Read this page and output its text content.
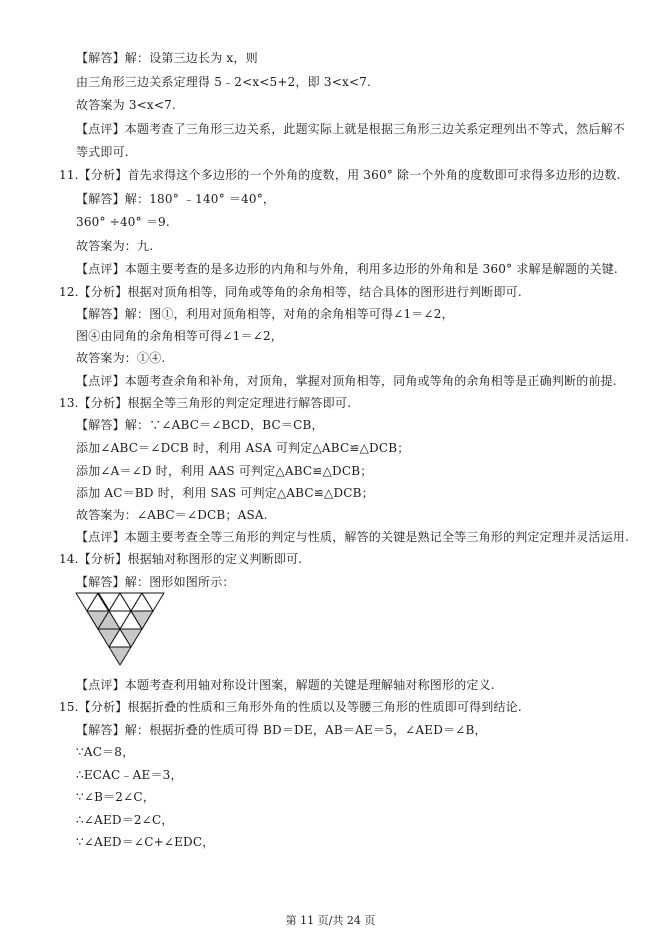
【解答】解：设第三边长为 x，则
由三角形三边关系定理得 5﹣2<x<5+2，即 3<x<7.
故答案为 3<x<7.
【点评】本题考查了三角形三边关系，此题实际上就是根据三角形三边关系定理列出不等式，然后解不
等式即可.
11.【分析】首先求得这个多边形的一个外角的度数，用 360° 除一个外角的度数即可求得多边形的边数.
【解答】解：180° ﹣140° ＝40°，
360° ÷40° ＝9.
故答案为：九.
【点评】本题主要考查的是多边形的内角和与外角，利用多边形的外角和是 360° 求解是解题的关键.
12.【分析】根据对顶角相等，同角或等角的余角相等，结合具体的图形进行判断即可.
【解答】解：图①，利用对顶角相等，对角的余角相等可得∠1＝∠2，
图④由同角的余角相等可得∠1＝∠2，
故答案为：①④.
【点评】本题考查余角和补角，对顶角，掌握对顶角相等，同角或等角的余角相等是正确判断的前提.
13.【分析】根据全等三角形的判定定理进行解答即可.
【解答】解：∵∠ABC＝∠BCD，BC＝CB，
添加∠ABC＝∠DCB 时，利用 ASA 可判定△ABC≌△DCB；
添加∠A＝∠D 时，利用 AAS 可判定△ABC≌△DCB；
添加 AC＝BD 时，利用 SAS 可判定△ABC≌△DCB；
故答案为：∠ABC＝∠DCB；ASA.
【点评】本题主要考查全等三角形的判定与性质，解答的关键是熟记全等三角形的判定定理并灵活运用.
14.【分析】根据轴对称图形的定义判断即可.
【解答】解：图形如图所示：
【点评】本题考查利用轴对称设计图案，解题的关键是理解轴对称图形的定义.
15.【分析】根据折叠的性质和三角形外角的性质以及等腰三角形的性质即可得到结论.
【解答】解：根据折叠的性质可得 BD＝DE，AB＝AE＝5，∠AED＝∠B，
∵AC＝8，
∴ECAC﹣AE＝3，
∵∠B＝2∠C，
∴∠AED＝2∠C，
∵∠AED＝∠C+∠EDC，
第 11 页/共 24 页
